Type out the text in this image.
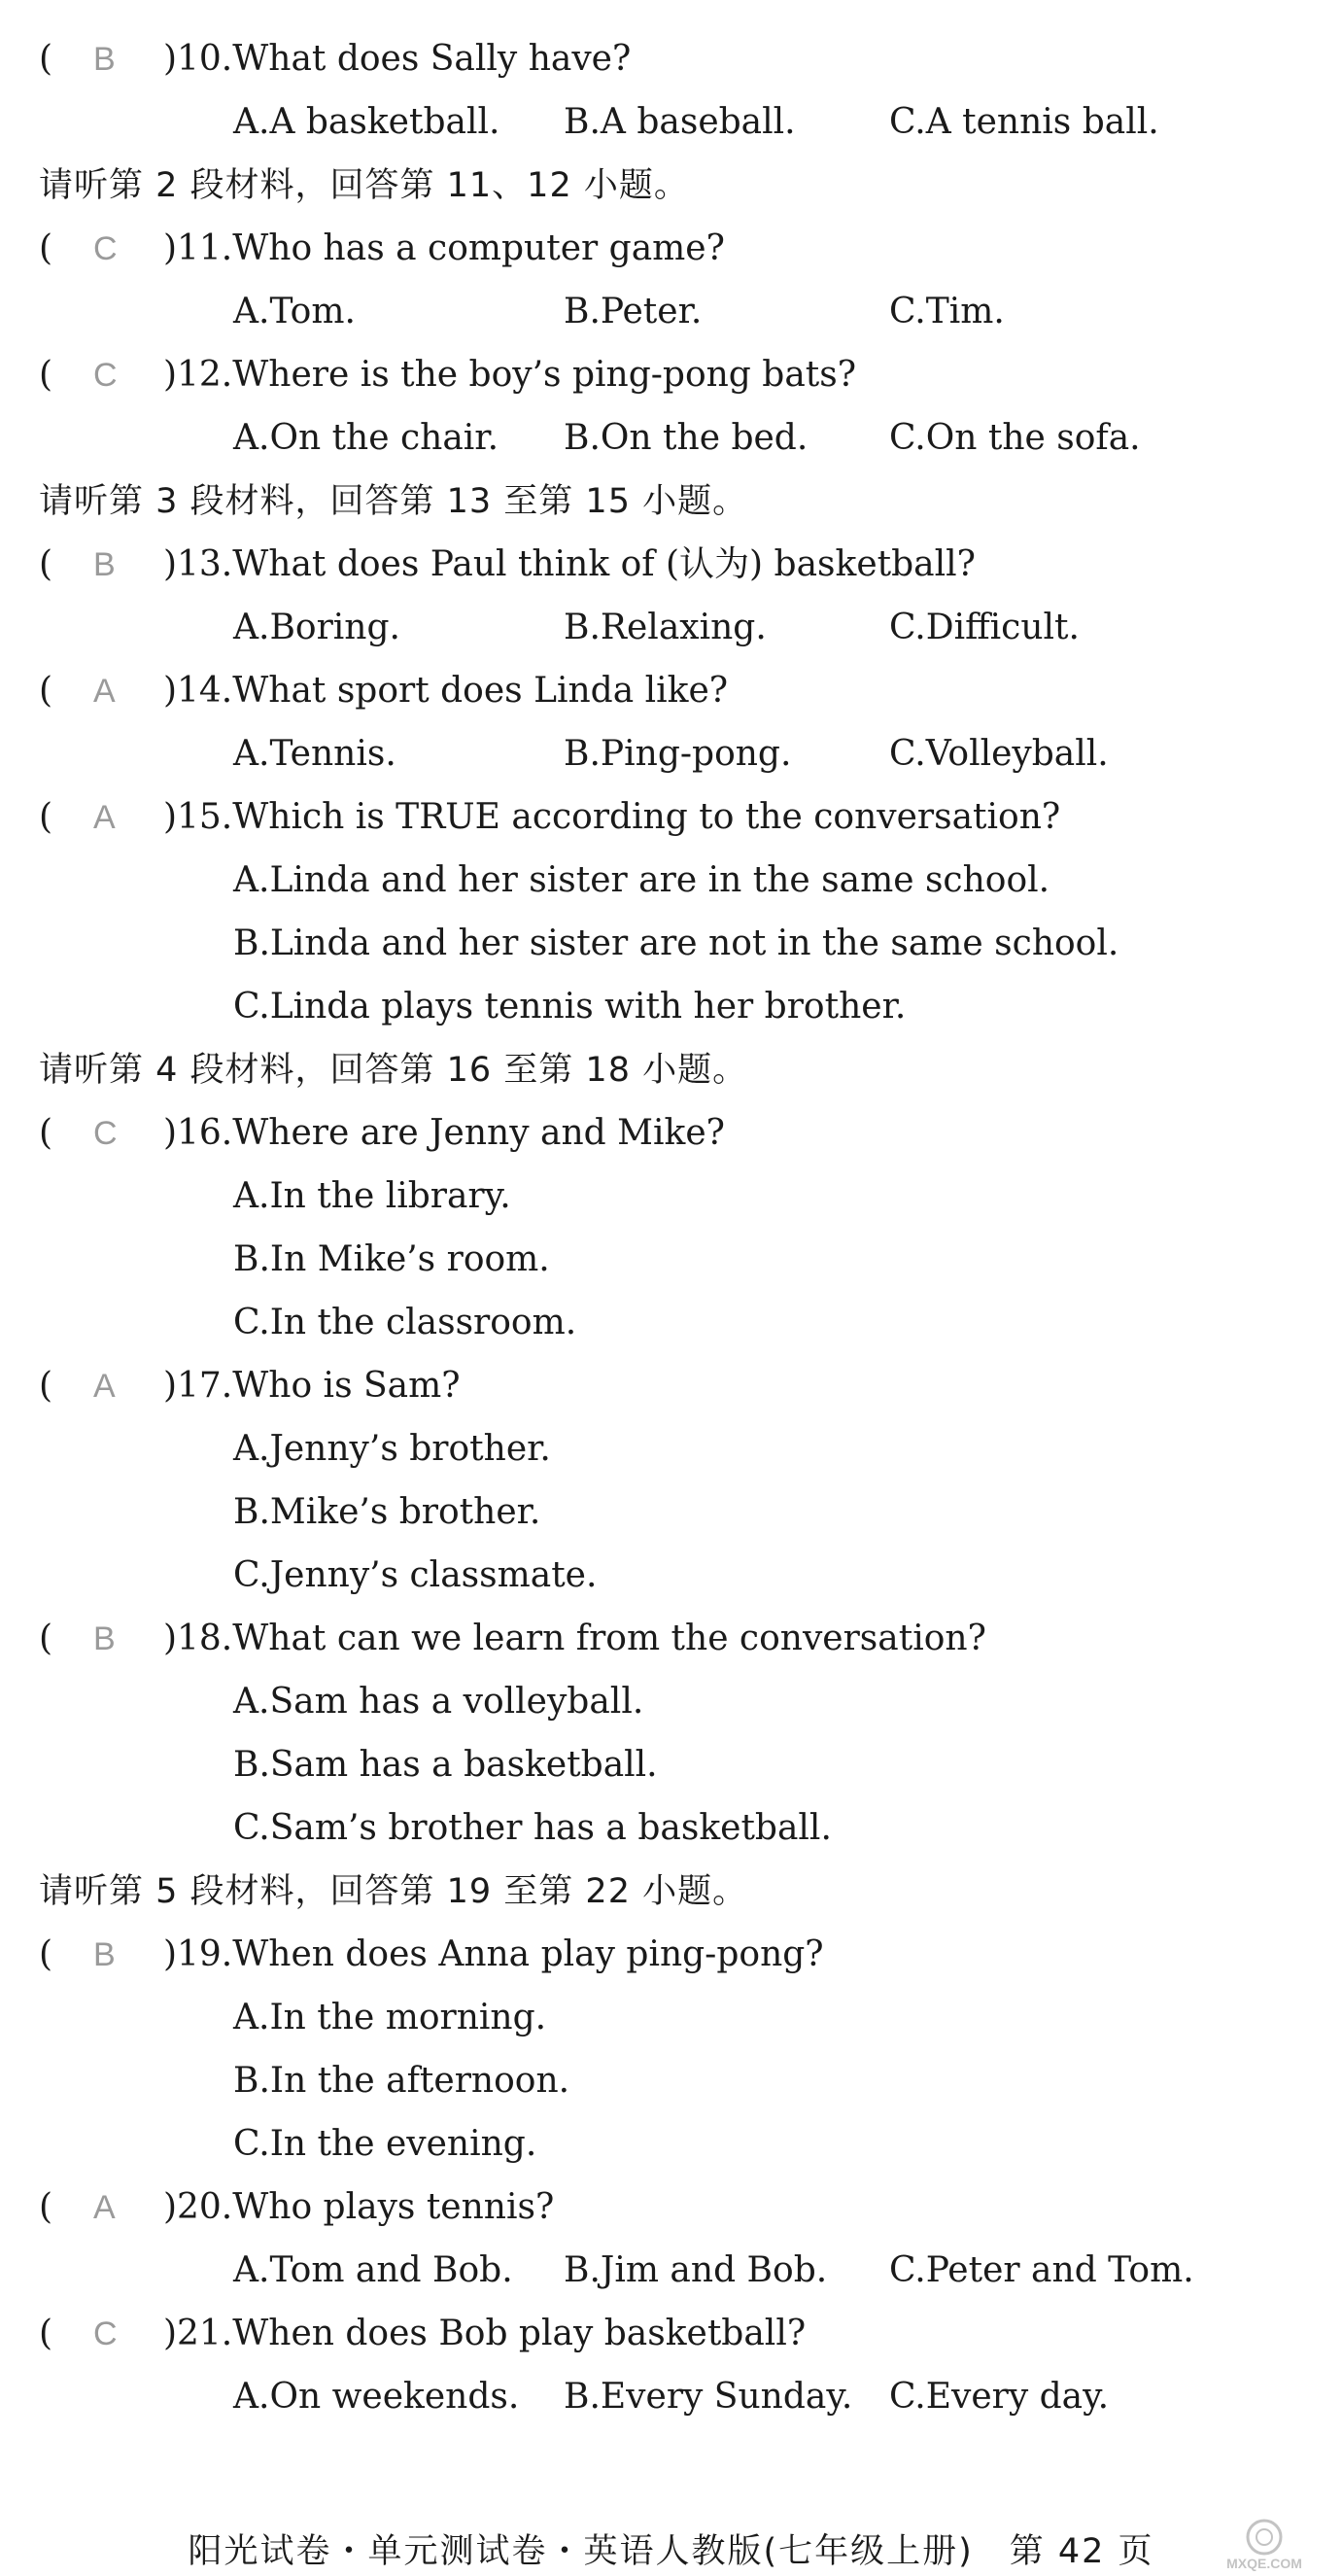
( B ) 10.What does Sally have?
A.A basketball. B.A baseball.	C.A tennis ball.
请听第 2 段材料，回答第 11、12 小题。
( C ) 11.Who has a computer game?
A.Tom.	B.Peter.	C.Tim.
( C ) 12.Where is the boy’s ping-pong bats?
A.On the chair. B.On the bed. C.On the sofa.
请听第 3 段材料，回答第 13 至第 15 小题。
( B ) 13.What does Paul think of (认为) basketball?
A.Boring.	B.Relaxing.	C.Difficult.
( A ) 14.What sport does Linda like?
A.Tennis.	B.Ping-pong.	C.Volleyball.
( A ) 15.Which is TRUE according to the conversation?
A.Linda and her sister are in the same school.
B.Linda and her sister are not in the same school.
C.Linda plays tennis with her brother.
请听第 4 段材料，回答第 16 至第 18 小题。
( C ) 16.Where are Jenny and Mike?
A.In the library.
B.In Mike’s room.
C.In the classroom.
( A ) 17.Who is Sam?
A.Jenny’s brother.
B.Mike’s brother.
C.Jenny’s classmate.
( B ) 18.What can we learn from the conversation?
A.Sam has a volleyball.
B.Sam has a basketball.
C.Sam’s brother has a basketball.
请听第 5 段材料，回答第 19 至第 22 小题。
( B ) 19.When does Anna play ping-pong?
A.In the morning.
B.In the afternoon.
C.In the evening.
( A ) 20.Who plays tennis?
A.Tom and Bob. B.Jim and Bob. C.Peter and Tom.
( C ) 21.When does Bob play basketball?
A.On weekends. B.Every Sunday. C.Every day.
阳光试卷・单元测试卷・英语人教版(七年级上册)　第 42 页	MXQE.COM
